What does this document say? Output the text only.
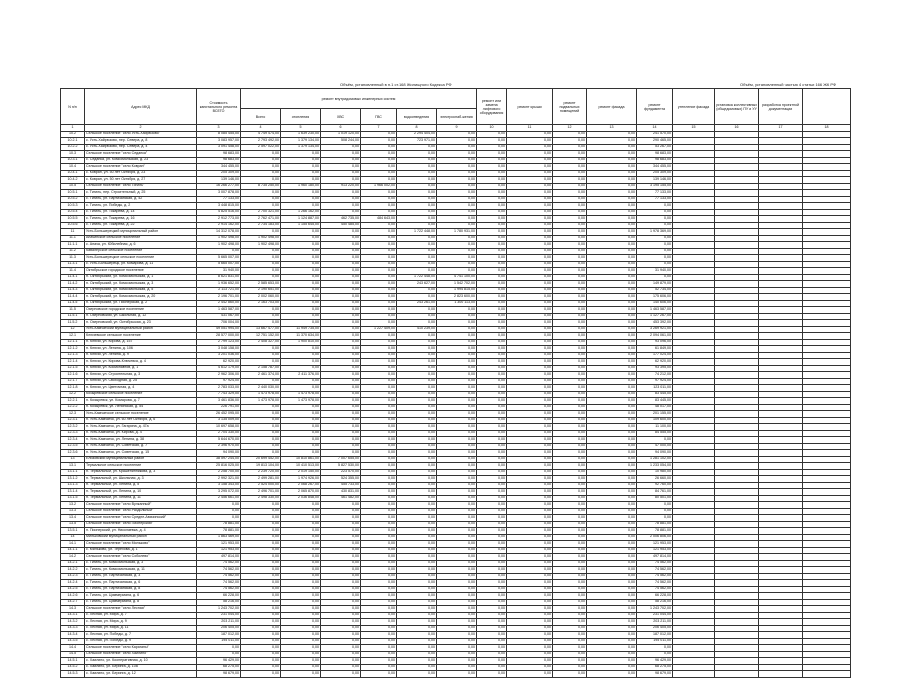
Объём, установленный в п.1 ст.168 Жилищного Кодекса РФ	Объём, установленный частью 4 статьи 166 ЖК РФ
N п/п	Адрес МКД	Стоимость капитального ремонта ВСЕГО	ремонт внутридомовых инженерных систем						ремонт или замена лифтового оборудования	ремонт крыши	ремонт подвальных помещений	ремонт фасада	ремонт фундамента	утепление фасада	установка коллективных (общедомовых) ПУ и УУ	разработка проектной документации	
			Всего	отопления	ХВС	ГВС	водоотведения	электроснаб-жения									
1	2	3	4	5	6	7	8	9	10	11	12	13	14	15	16	17	18
10.2	Сельское поселение "село Усть-Хайрюзово"	8 085 455,00	4 749 474,00	1 639 230,00	1 019 120,00	0,00	2 294 404,00	0,00	0,00	0,00	0,00	0,00	241 570,00				
10.2.1	с. Усть-Хайрюзово, пер. Севера, д. 8	3 083 957,00	2 793 492,00	1 379 134,00	508 244,00	0,00	723 971,00	0,00	0,00	0,00	0,00	0,00	290 465,00				
10.2.2	с. Усть-Хайрюзово, пер. Севера, д. 4	3 091 458,00	2 597 022,00	1 379 134,00	0,00	0,00	0,00	0,00	0,00	0,00	0,00	0,00	53 267,00				
10.3	Сельское поселение "село Седанка"	98 683,00	0,00	0,00	0,00	0,00	0,00	0,00	0,00	0,00	0,00	0,00	98 683,00				
10.3.1	с. Седанка, ул. Комсомольская, д. 23	98 683,00	0,00	0,00	0,00	0,00	0,00	0,00	0,00	0,00	0,00	0,00	98 683,00				
10.4	Сельское поселение "село Ковран"	344 455,00	0,00	0,00	0,00	0,00	0,00	0,00	0,00	0,00	0,00	0,00	344 455,00				
10.4.1	с. Ковран, ул. 50 лет Октября, д. 23	205 309,00	0,00	0,00	0,00	0,00	0,00	0,00	0,00	0,00	0,00	0,00	205 309,00				
10.4.2	с. Ковран, ул. 50 лет Октября, д. 27	139 146,00	0,00	0,00	0,00	0,00	0,00	0,00	0,00	0,00	0,00	0,00	139 146,00				
10.5	Сельское поселение "село Тигиль"	16 266 277,00	8 735 250,00	1 960 180,00	913 220,00	1 966 002,00	0,00	0,00	0,00	0,00	0,00	0,00	3 195 155,00				
10.5.1	с. Тигиль, пер. Строительный, д. 25	3 007 878,00	0,00	0,00	0,00	0,00	0,00	0,00	0,00	0,00	0,00	0,00	77 133,00				
10.5.2	с. Тигиль, ул. Партизанская, д. 42	77 133,00	0,00	0,00	0,00	0,00	0,00	0,00	0,00	0,00	0,00	0,00	77 133,00				
10.5.3	с. Тигиль, ул. Победы, д. 2	3 448 815,00	0,00	0,00	0,00	0,00	0,00	0,00	0,00	0,00	0,00	0,00	0,00				
10.5.4	с. Тигиль, ул. Токарева, д. 14	4 825 516,00	2 700 321,00	1 266 162,00	0,00	0,00	0,00	0,00	0,00	0,00	0,00	0,00	0,00				
10.5.5	с. Тигиль, ул. Токарева, д. 16	2 912 773,00	2 762 471,00	1 124 887,00	462 735,00	484 643,00	0,00	0,00	0,00	0,00	0,00	0,00	0,00				
10.5.6	с. Тигиль, ул. Токарева, д. 22	2 914 162,00	2 734 183,00	1 155 645,00	450 485,00	0,00	0,00	0,00	0,00	0,00	0,00	0,00	0,00				
11	Усть-Большерецкий муниципальный район	14 312 078,00	0,00	0,00	0,00	0,00	1 722 448,00	1 780 931,00	0,00	0,00	0,00	0,00	1 978 369,00				
11.1	Апачинское сельское поселение	1 902 498,00	1 902 498,00	0,00	0,00	0,00	0,00	0,00	0,00	0,00	0,00	0,00	0,00				
11.1.1	с. Апача, ул. Юбилейная, д. 6	1 902 498,00	1 902 498,00	0,00	0,00	0,00	0,00	0,00	0,00	0,00	0,00	0,00	0,00				
11.2	Кавалерское сельское поселение	0,00	0,00	0,00	0,00	0,00	0,00	0,00	0,00	0,00	0,00	0,00	0,00				
11.3	Усть-Большерецкое сельское поселение	5 665 007,00	0,00	0,00	0,00	0,00	0,00	0,00	0,00	0,00	0,00	0,00	0,00				
11.3.1	с. Усть-Большерецк, ул. Комарова, д. 11	5 665 007,00	0,00	0,00	0,00	0,00	0,00	0,00	0,00	0,00	0,00	0,00	0,00				
11.4	Октябрьское городское поселение	31 940,00	0,00	0,00	0,00	0,00	0,00	0,00	0,00	0,00	0,00	0,00	31 940,00				
11.4.1	п. Октябрьский, ул. Комсомольская, д. 1	8 621 831,00	0,00	0,00	0,00	0,00	1 722 448,00	4 741 100,00	0,00	0,00	0,00	0,00	0,00				
11.4.2	п. Октябрьский, ул. Комсомольская, д. 3	1 936 652,00	2 585 653,00	0,00	0,00	0,00	243 627,00	1 542 702,00	0,00	0,00	0,00	0,00	149 879,00				
11.4.3	п. Октябрьский, ул. Комсомольская, д. 5	2 113 721,00	2 190 651,00	0,00	0,00	0,00	0,00	1 994 815,00	0,00	0,00	0,00	0,00	52 734,00				
11.4.4	п. Октябрьский, ул. Комсомольская, д. 20	2 196 701,00	2 002 060,00	0,00	0,00	0,00	0,00	2 823 600,00	0,00	0,00	0,00	0,00	175 606,00				
11.4.5	п. Октябрьский, ул. Пионерская, д. 2	2 442 860,00	2 163 703,00	0,00	0,00	0,00	243 261,00	1 300 113,00	0,00	0,00	0,00	0,00	140 606,00				
11.5	Озерновское городское поселение	1 463 587,00	0,00	0,00	0,00	0,00	0,00	0,00	0,00	0,00	0,00	0,00	1 463 587,00				
11.5.1	п. Озерновский, ул. Школьная, д. 12	431 067,00	0,00	0,00	0,00	0,00	0,00	0,00	0,00	0,00	0,00	0,00	1 127 267,00				
11.5.2	п. Озерновский, ул. Октябрьская, д. 23	706 004,00	0,00	0,00	0,00	0,00	0,00	0,00	0,00	0,00	0,00	0,00	453 392,00				
12	Усть-Камчатский муниципальный район	49 051 994,00	13 667 477,00	11 949 735,00	0,00	1 227 409,00	410 239,00	0,00	0,00	0,00	0,00	0,00	3 269 921,00				
12.1	Ключевское сельское поселение	28 577 000,00	12 751 152,00	11 370 634,00	0,00	0,00	0,00	0,00	0,00	0,00	0,00	0,00	2 094 061,00				
12.1.1	п. Ключи, ул. Кирова, д. 157	2 799 123,00	2 408 327,00	1 900 810,00	0,00	0,00	0,00	0,00	0,00	0,00	0,00	0,00	93 096,00				
12.1.2	п. Ключи, ул. Ленина, д. 106	3 048 158,00	0,00	0,00	0,00	0,00	0,00	0,00	0,00	0,00	0,00	0,00	61 849,00				
12.1.3	п. Ключи, ул. Ленина, д. 9	3 201 036,00	0,00	0,00	0,00	0,00	0,00	0,00	0,00	0,00	0,00	0,00	177 024,00				
12.1.4	п. Ключи, ул. Кирова-Ключевка, д. 4	62 920,00	0,00	0,00	0,00	0,00	0,00	0,00	0,00	0,00	0,00	0,00	62 920,00				
12.1.5	п. Ключи, ул. Космонавтов, д. 1	4 612 179,00	2 158 787,00	0,00	0,00	0,00	0,00	0,00	0,00	0,00	0,00	0,00	93 395,00				
12.1.6	п. Ключи, ул. Строительная, д. 3	2 962 306,00	2 461 374,00	2 411 376,00	0,00	0,00	0,00	0,00	0,00	0,00	0,00	0,00	74 212,00				
12.1.7	п. Ключи, ул. Свободная, д. 25	97 924,00	0,00	0,00	0,00	0,00	0,00	0,00	0,00	0,00	0,00	0,00	97 924,00				
12.1.8	п. Ключи, ул. Цветочная, д. 4	2 783 033,00	2 440 030,00	0,00	0,00	0,00	0,00	0,00	0,00	0,00	0,00	0,00	123 011,00				
12.2	Козыревское сельское поселение	7 743 329,00	1 473 978,00	1 473 978,00	0,00	0,00	0,00	0,00	0,00	0,00	0,00	0,00	83 445,00				
12.2.1	п. Козыревск, ул. Комарова, д. 7	3 461 836,00	1 473 978,00	1 473 978,00	0,00	0,00	0,00	0,00	0,00	0,00	0,00	0,00	83 445,00				
12.2.2	п. Козыревск, ул. Ленинская, д. 54	226 791,00	0,00	0,00	0,00	0,00	0,00	0,00	0,00	0,00	0,00	0,00	48 017,00				
12.3	Усть-Камчатское сельское поселение	26 452 095,00	0,00	0,00	0,00	0,00	0,00	0,00	0,00	0,00	0,00	0,00	201 155,00				
12.3.1	п. Усть-Камчатск, ул. 60 лет Октября, д. 6	3 135 009,00	0,00	0,00	0,00	0,00	0,00	0,00	0,00	0,00	0,00	0,00	109 600,00				
12.3.2	п. Усть-Камчатск, ул. Гагарина, д. 47а	10 697 658,00	0,00	0,00	0,00	0,00	0,00	0,00	0,00	0,00	0,00	0,00	11 100,00				
12.3.3	п. Усть-Камчатск, ул. Кирова, д. 4	2 704 330,00	0,00	0,00	0,00	0,00	0,00	0,00	0,00	0,00	0,00	0,00	84 555,00				
12.3.4	п. Усть-Камчатск, ул. Ленина, д. 38	5 644 670,00	0,00	0,00	0,00	0,00	0,00	0,00	0,00	0,00	0,00	0,00	0,00				
12.3.5	п. Усть-Камчатск, ул. Советская, д. 7	2 396 970,00	0,00	0,00	0,00	0,00	0,00	0,00	0,00	0,00	0,00	0,00	47 000,00				
12.3.6	п. Усть-Камчатск, ул. Советская, д. 15	94 090,00	0,00	0,00	0,00	0,00	0,00	0,00	0,00	0,00	0,00	0,00	94 090,00				
13	Елизовский муниципальный район	38 597 244,00	20 699 452,00	10 810 861,00	7 007 655,00	0,00	0,00	0,00	0,00	0,00	0,00	0,00	1 281 102,00				
13.1	Термальное сельское поселение	25 816 025,00	19 813 104,00	10 410 513,00	5 827 530,00	0,00	0,00	0,00	0,00	0,00	0,00	0,00	1 233 054,00				
13.1.1	п. Термальный, ул. Крашенинникова, д. 3	2 258 700,00	2 239 720,00	2 019 150,00	223 570,00	0,00	0,00	0,00	0,00	0,00	0,00	0,00	10 980,00				
13.1.2	п. Термальный, ул. Школьная, д. 3	2 992 321,00	2 499 281,00	1 974 926,00	524 355,00	0,00	0,00	0,00	0,00	0,00	0,00	0,00	26 660,00				
13.1.3	п. Термальный, ул. Ленина, д. 5	3 158 343,00	2 524 000,00	2 068 267,00	455 733,00	0,00	0,00	0,00	0,00	0,00	0,00	0,00	92 760,00				
13.1.4	п. Термальный, ул. Ленина, д. 10	3 295 072,00	2 496 701,00	2 065 870,00	430 831,00	0,00	0,00	0,00	0,00	0,00	0,00	0,00	84 761,00				
13.1.5	п. Термальный, ул. Ленина, д. 11	2 456 661,00	2 498 330,00	2 036 848,00	461 482,00	0,00	0,00	0,00	0,00	0,00	0,00	0,00	80 501,00				
13.2	Сельское поселение "село Вулканный"	0,00	0,00	0,00	0,00	0,00	0,00	0,00	0,00	0,00	0,00	0,00	0,00				
13.3	Сельское поселение "село Раздольный"	0,00	0,00	0,00	0,00	0,00	0,00	0,00	0,00	0,00	0,00	0,00	0,00				
13.4	Сельское поселение "село Средне-Авачинский"	0,00	0,00	0,00	0,00	0,00	0,00	0,00	0,00	0,00	0,00	0,00	0,00				
13.5	Сельское поселение "село Пионерский"	78 881,00	0,00	0,00	0,00	0,00	0,00	0,00	0,00	0,00	0,00	0,00	78 881,00				
13.5.1	п. Пионерский, ул. Николаевка, д. 4	78 881,00	0,00	0,00	0,00	0,00	0,00	0,00	0,00	0,00	0,00	0,00	78 881,00				
14	Мильковский муниципальный район	1 863 469,00	0,00	0,00	0,00	0,00	0,00	0,00	0,00	0,00	0,00	0,00	2 006 806,00				
14.1	Сельское поселение "село Мильково"	121 953,00	0,00	0,00	0,00	0,00	0,00	0,00	0,00	0,00	0,00	0,00	121 953,00				
14.1.1	с. Мильково, ул. Терехова, д. 1	121 953,00	0,00	0,00	0,00	0,00	0,00	0,00	0,00	0,00	0,00	0,00	121 953,00				
14.2	Сельское поселение "село Соболево"	497 814,00	0,00	0,00	0,00	0,00	0,00	0,00	0,00	0,00	0,00	0,00	497 814,00				
14.2.1	с. Тигиль, ул. Комсомольская, д. 3	74 562,00	0,00	0,00	0,00	0,00	0,00	0,00	0,00	0,00	0,00	0,00	74 562,00				
14.2.2	с. Тигиль, ул. Комсомольская, д. 11	74 562,00	0,00	0,00	0,00	0,00	0,00	0,00	0,00	0,00	0,00	0,00	74 562,00				
14.2.3	с. Тигиль, ул. Партизанская, д. 3	74 562,00	0,00	0,00	0,00	0,00	0,00	0,00	0,00	0,00	0,00	0,00	74 562,00				
14.2.4	с. Тигиль, ул. Партизанская, д. 6	74 562,00	0,00	0,00	0,00	0,00	0,00	0,00	0,00	0,00	0,00	0,00	74 562,00				
14.2.5	с. Тигиль, ул. Партизанская, д. 8	74 562,00	0,00	0,00	0,00	0,00	0,00	0,00	0,00	0,00	0,00	0,00	74 562,00				
14.2.6	с. Тигиль, ул. Циммермана, д. 6	66 228,00	0,00	0,00	0,00	0,00	0,00	0,00	0,00	0,00	0,00	0,00	66 228,00				
14.2.7	с. Тигиль, ул. Циммермана, д. 8	58 216,00	0,00	0,00	0,00	0,00	0,00	0,00	0,00	0,00	0,00	0,00	58 216,00				
14.3	Сельское поселение "село Лесная"	1 243 702,00	0,00	0,00	0,00	0,00	0,00	0,00	0,00	0,00	0,00	0,00	1 243 702,00				
14.3.1	с. Лесная, ул. Мира, д. 7	231 044,00	0,00	0,00	0,00	0,00	0,00	0,00	0,00	0,00	0,00	0,00	231 044,00				
14.3.2	с. Лесная, ул. Мира, д. 9	203 211,00	0,00	0,00	0,00	0,00	0,00	0,00	0,00	0,00	0,00	0,00	203 211,00				
14.3.3	с. Лесная, ул. Мира, д. 11	206 405,00	0,00	0,00	0,00	0,00	0,00	0,00	0,00	0,00	0,00	0,00	206 405,00				
14.3.4	с. Лесная, ул. Победы, д. 7	187 012,00	0,00	0,00	0,00	0,00	0,00	0,00	0,00	0,00	0,00	0,00	187 012,00				
14.3.5	с. Лесная, ул. Победы, д. 9	195 011,00	0,00	0,00	0,00	0,00	0,00	0,00	0,00	0,00	0,00	0,00	195 011,00				
14.4	Сельское поселение "село Караганы"	0,00	0,00	0,00	0,00	0,00	0,00	0,00	0,00	0,00	0,00	0,00	0,00				
14.5	Сельское поселение "село Хаилино"	0,00	0,00	0,00	0,00	0,00	0,00	0,00	0,00	0,00	0,00	0,00	0,00				
14.5.1	с. Хаилино, ул. Кооперативная, д. 10	96 429,00	0,00	0,00	0,00	0,00	0,00	0,00	0,00	0,00	0,00	0,00	96 429,00				
14.5.2	с. Хаилино, ул. Беринга, д. 10а	68 275,00	0,00	0,00	0,00	0,00	0,00	0,00	0,00	0,00	0,00	0,00	68 275,00				
14.5.3	с. Хаилино, ул. Беринга, д. 12	98 679,00	0,00	0,00	0,00	0,00	0,00	0,00	0,00	0,00	0,00	0,00	98 679,00				
